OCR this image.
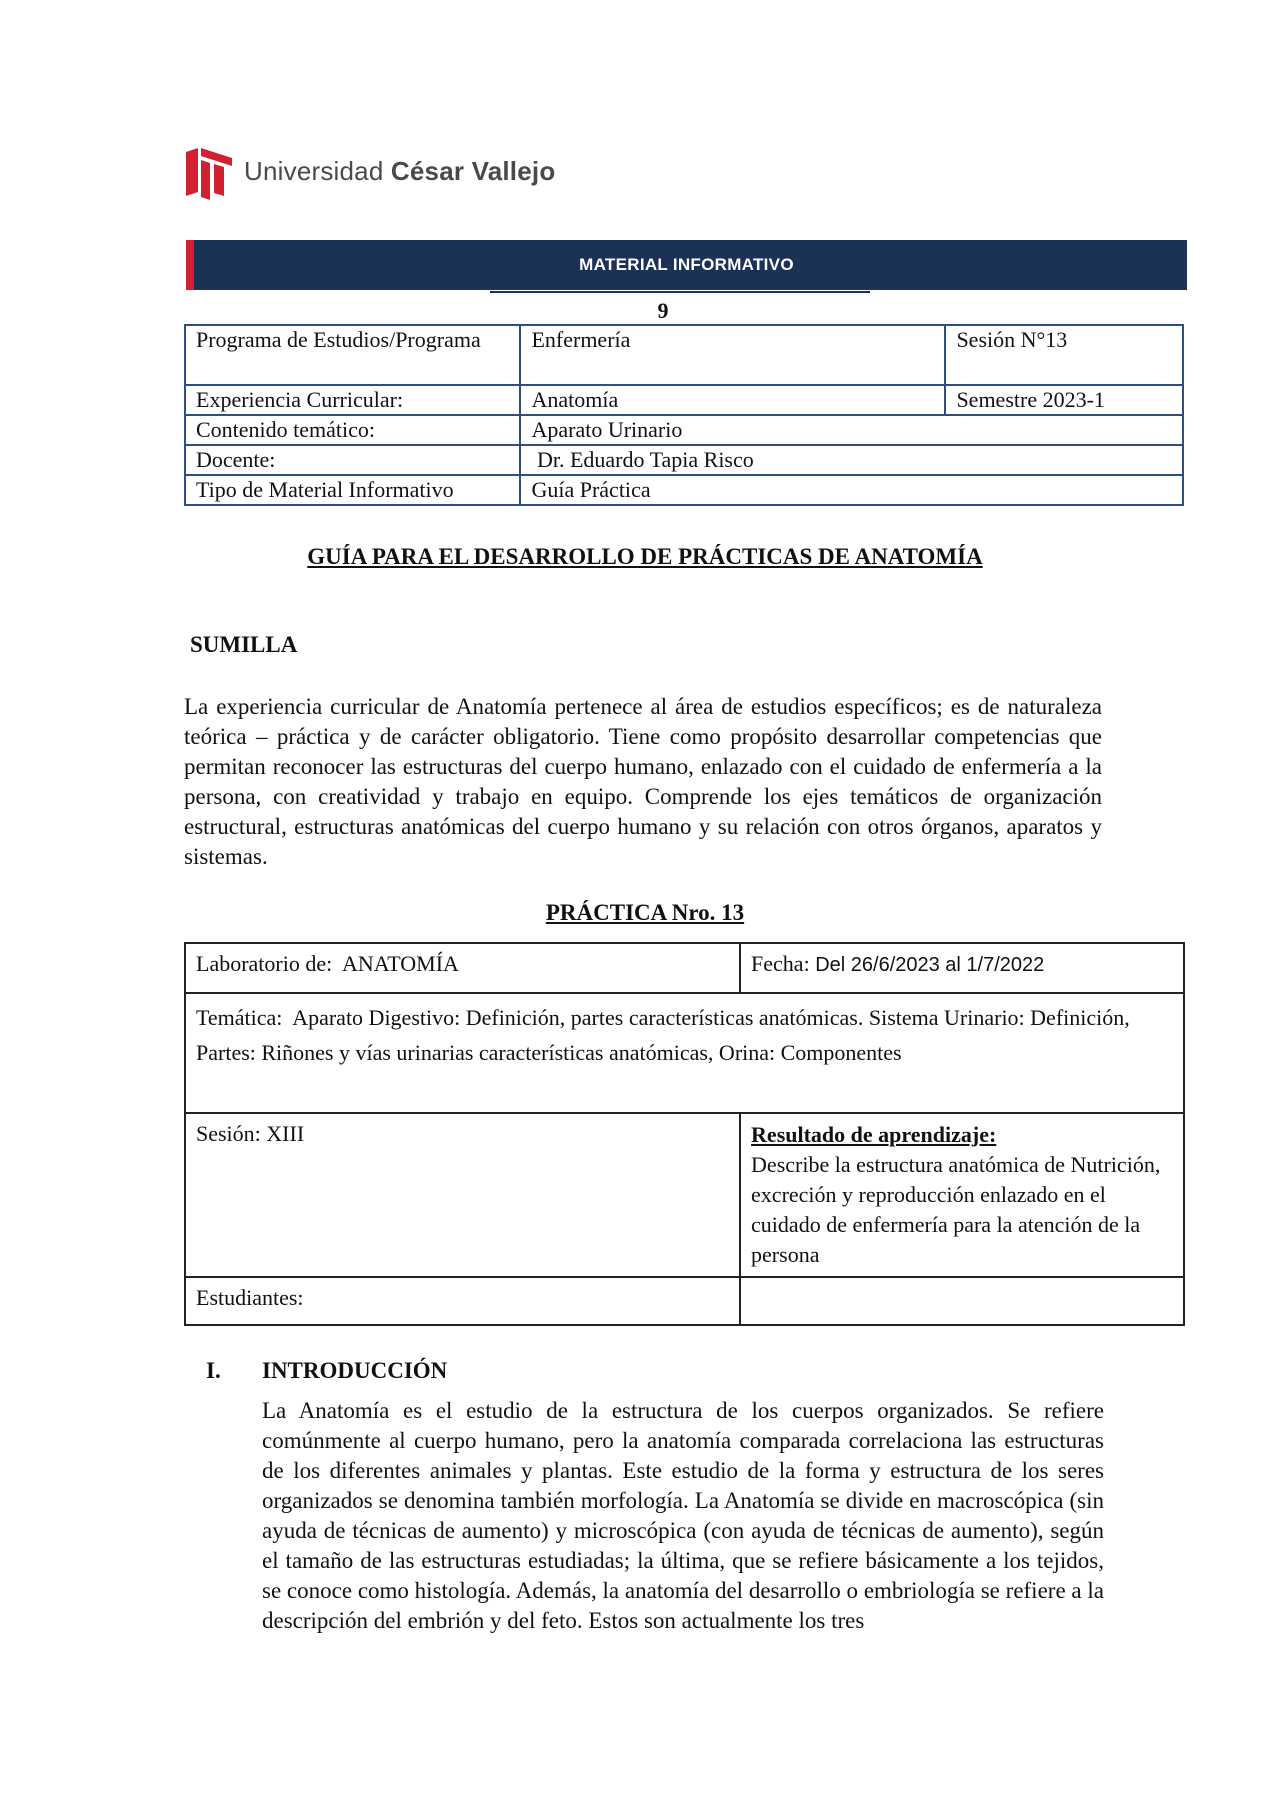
Universidad César Vallejo
MATERIAL INFORMATIVO
9
Programa de Estudios/Programa	Enfermería	Sesión N°13
Experiencia Curricular:	Anatomía	Semestre 2023-1
Contenido temático:	Aparato Urinario	
Docente:	Dr. Eduardo Tapia Risco	
Tipo de Material Informativo	Guía Práctica	
GUÍA PARA EL DESARROLLO DE PRÁCTICAS DE ANATOMÍA
SUMILLA
La experiencia curricular de Anatomía pertenece al área de estudios específicos; es de naturaleza teórica – práctica y de carácter obligatorio. Tiene como propósito desarrollar competencias que permitan reconocer las estructuras del cuerpo humano, enlazado con el cuidado de enfermería a la persona, con creatividad y trabajo en equipo. Comprende los ejes temáticos de organización estructural, estructuras anatómicas del cuerpo humano y su relación con otros órganos, aparatos y sistemas.
PRÁCTICA Nro. 13
Laboratorio de:  ANATOMÍA	Fecha: Del 26/6/2023 al 1/7/2022
Temática:  Aparato Digestivo: Definición, partes características anatómicas. Sistema Urinario: Definición, Partes: Riñones y vías urinarias características anatómicas, Orina: Componentes	
Sesión: XIII	Resultado de aprendizaje:
Describe la estructura anatómica de Nutrición, excreción y reproducción enlazado en el cuidado de enfermería para la atención de la persona

Estudiantes:	
I. INTRODUCCIÓN
La Anatomía es el estudio de la estructura de los cuerpos organizados. Se refiere comúnmente al cuerpo humano, pero la anatomía comparada correlaciona las estructuras de los diferentes animales y plantas. Este estudio de la forma y estructura de los seres organizados se denomina también morfología. La Anatomía se divide en macroscópica (sin ayuda de técnicas de aumento) y microscópica (con ayuda de técnicas de aumento), según el tamaño de las estructuras estudiadas; la última, que se refiere básicamente a los tejidos, se conoce como histología. Además, la anatomía del desarrollo o embriología se refiere a la descripción del embrión y del feto. Estos son actualmente los tres
